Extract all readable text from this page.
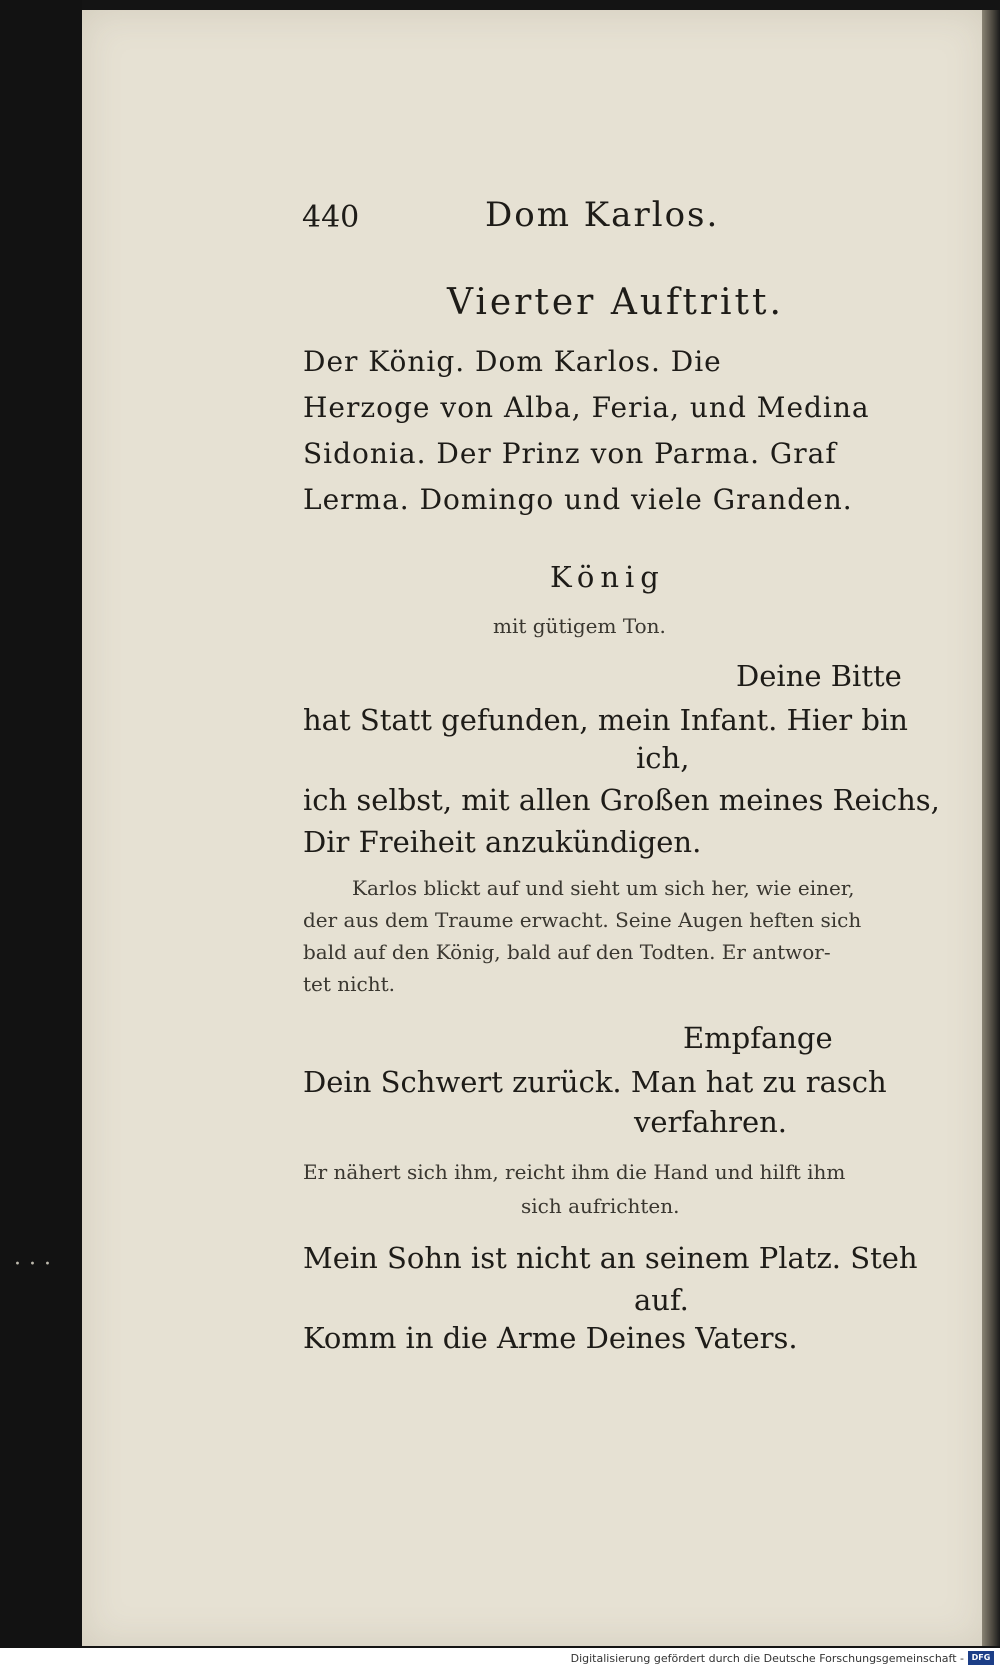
···
440	Dom Karlos.
Vierter Auftritt.
Der König. Dom Karlos. Die
Herzoge von Alba, Feria, und Medina
Sidonia. Der Prinz von Parma. Graf
Lerma. Domingo und viele Granden.
König
mit gütigem Ton.
Deine Bitte
hat Statt gefunden, mein Infant. Hier bin
ich,
ich selbst, mit allen Großen meines Reichs,
Dir Freiheit anzukündigen.
Karlos blickt auf und sieht um sich her, wie einer,
der aus dem Traume erwacht. Seine Augen heften sich
bald auf den König, bald auf den Todten. Er antwor-
tet nicht.
Empfange
Dein Schwert zurück. Man hat zu rasch
verfahren.
Er nähert sich ihm, reicht ihm die Hand und hilft ihm
sich aufrichten.
Mein Sohn ist nicht an seinem Platz. Steh
auf.
Komm in die Arme Deines Vaters.
Digitalisierung gefördert durch die Deutsche Forschungsgemeinschaft - DFG
